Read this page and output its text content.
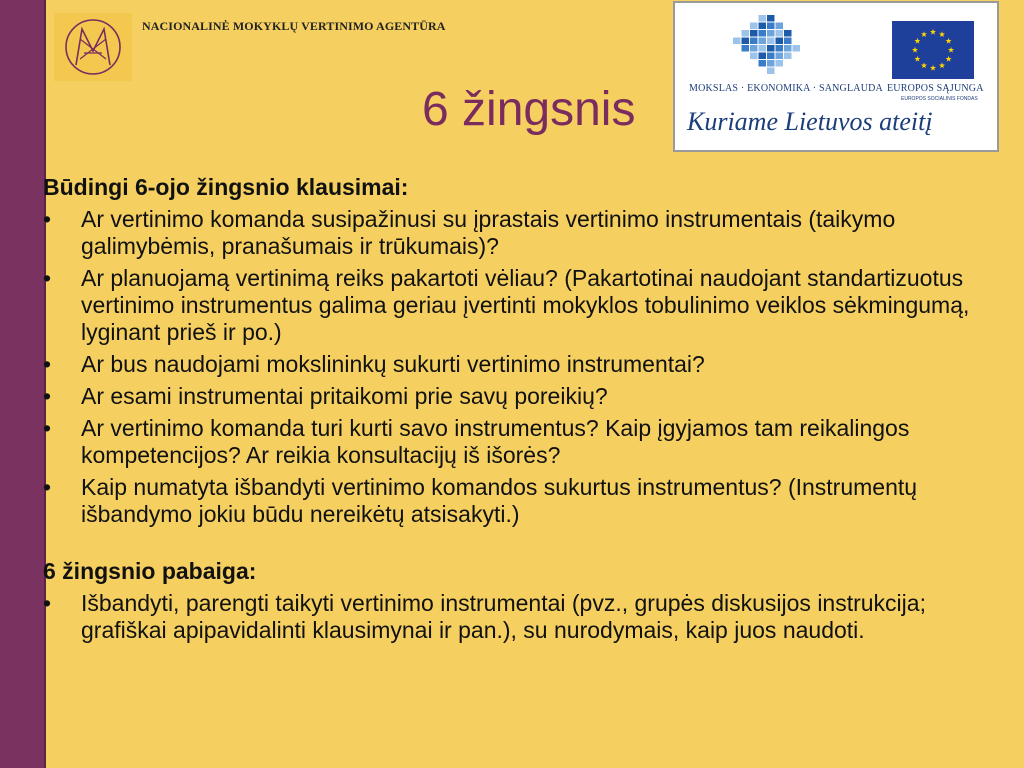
NACIONALINĖ MOKYKLŲ VERTINIMO AGENTŪRA
6 žingsnis	MOKSLAS · EKONOMIKA · SANGLAUDA EUROPOS SĄJUNGA
EUROPOS SOCIALINIS FONDAS
Kuriame Lietuvos ateitį

Būdingi 6-ojo žingsnio klausimai:

• Ar vertinimo komanda susipažinusi su įprastais vertinimo instrumentais (taikymo galimybėmis, pranašumais ir trūkumais)?
• Ar planuojamą vertinimą reiks pakartoti vėliau? (Pakartotinai naudojant standartizuotus vertinimo instrumentus galima geriau įvertinti mokyklos tobulinimo veiklos sėkmingumą, lyginant prieš ir po.)
• Ar bus naudojami mokslininkų sukurti vertinimo instrumentai?
• Ar esami instrumentai pritaikomi prie savų poreikių?
• Ar vertinimo komanda turi kurti savo instrumentus? Kaip įgyjamos tam reikalingos kompetencijos? Ar reikia konsultacijų iš išorės?
• Kaip numatyta išbandyti vertinimo komandos sukurtus instrumentus? (Instrumentų išbandymo jokiu būdu nereikėtų atsisakyti.)

6 žingsnio pabaiga:

• Išbandyti, parengti taikyti vertinimo instrumentai (pvz., grupės diskusijos instrukcija; grafiškai apipavidalinti klausimynai ir pan.), su nurodymais, kaip juos naudoti.
